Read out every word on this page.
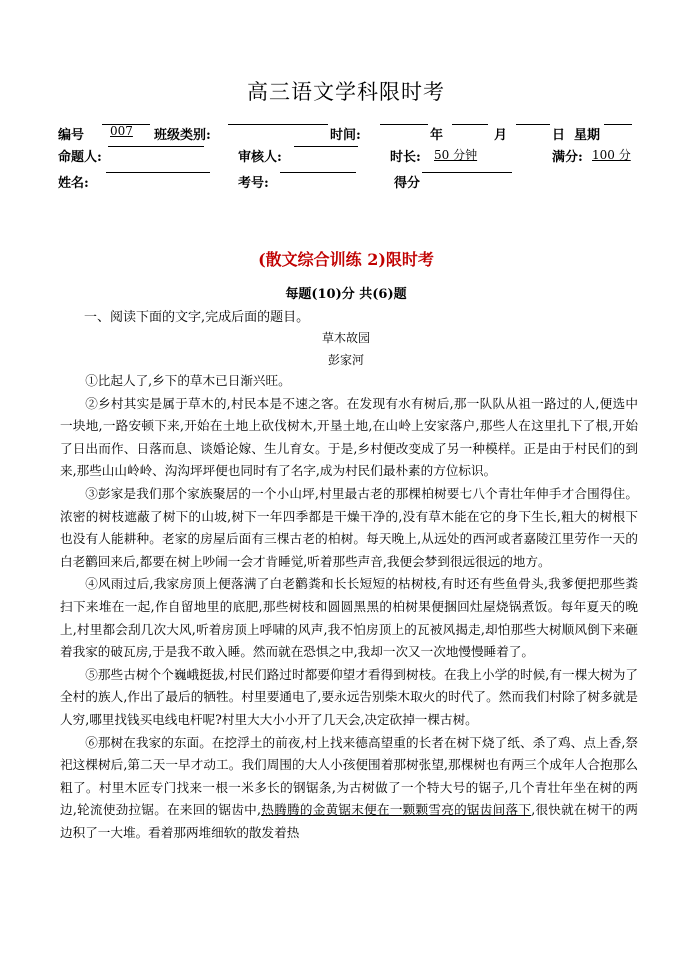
高三语文学科限时考
编号 007 班级类别:	时间:	年	月	日 星期
命题人:	审核人:	时长: 50 分钟	满分: 100 分
姓名:	考号:	得分
(散文综合训练 2)限时考
每题(10)分 共(6)题
一、阅读下面的文字,完成后面的题目。
草木故园
彭家河

①比起人了,乡下的草木已日渐兴旺。

②乡村其实是属于草木的,村民本是不速之客。在发现有水有树后,那一队队从祖一路过的人,便选中一块地,一路安顿下来,开始在土地上砍伐树木,开垦土地,在山岭上安家落户,那些人在这里扎下了根,开始了日出而作、日落而息、谈婚论嫁、生儿育女。于是,乡村便改变成了另一种模样。正是由于村民们的到来,那些山山岭岭、沟沟坪坪便也同时有了名字,成为村民们最朴素的方位标识。

③彭家是我们那个家族聚居的一个小山坪,村里最古老的那棵柏树要七八个青壮年伸手才合围得住。浓密的树枝遮蔽了树下的山坡,树下一年四季都是干燥干净的,没有草木能在它的身下生长,粗大的树根下也没有人能耕种。老家的房屋后面有三棵古老的柏树。每天晚上,从远处的西河或者嘉陵江里劳作一天的白老鹳回来后,都要在树上吵闹一会才肯睡觉,听着那些声音,我便会梦到很远很远的地方。

④风雨过后,我家房顶上便落满了白老鹳粪和长长短短的枯树枝,有时还有些鱼骨头,我爹便把那些粪扫下来堆在一起,作自留地里的底肥,那些树枝和圆圆黑黑的柏树果便捆回灶屋烧锅煮饭。每年夏天的晚上,村里都会刮几次大风,听着房顶上呼啸的风声,我不怕房顶上的瓦被风揭走,却怕那些大树顺风倒下来砸着我家的破瓦房,于是我不敢入睡。然而就在恐惧之中,我却一次又一次地慢慢睡着了。

⑤那些古树个个巍峨挺拔,村民们路过时都要仰望才看得到树枝。在我上小学的时候,有一棵大树为了全村的族人,作出了最后的牺牲。村里要通电了,要永远告别柴木取火的时代了。然而我们村除了树多就是人穷,哪里找钱买电线电杆呢?村里大大小小开了几天会,决定砍掉一棵古树。

⑥那树在我家的东面。在挖浮土的前夜,村上找来德高望重的长者在树下烧了纸、杀了鸡、点上香,祭祀这棵树后,第二天一早才动工。我们周围的大人小孩便围着那树张望,那棵树也有两三个成年人合抱那么粗了。村里木匠专门找来一根一米多长的钢锯条,为古树做了一个特大号的锯子,几个青壮年坐在树的两边,轮流使劲拉锯。在来回的锯齿中,热腾腾的金黄锯末便在一颗颗雪亮的锯齿间落下,很快就在树干的两边积了一大堆。看着那两堆细软的散发着热
